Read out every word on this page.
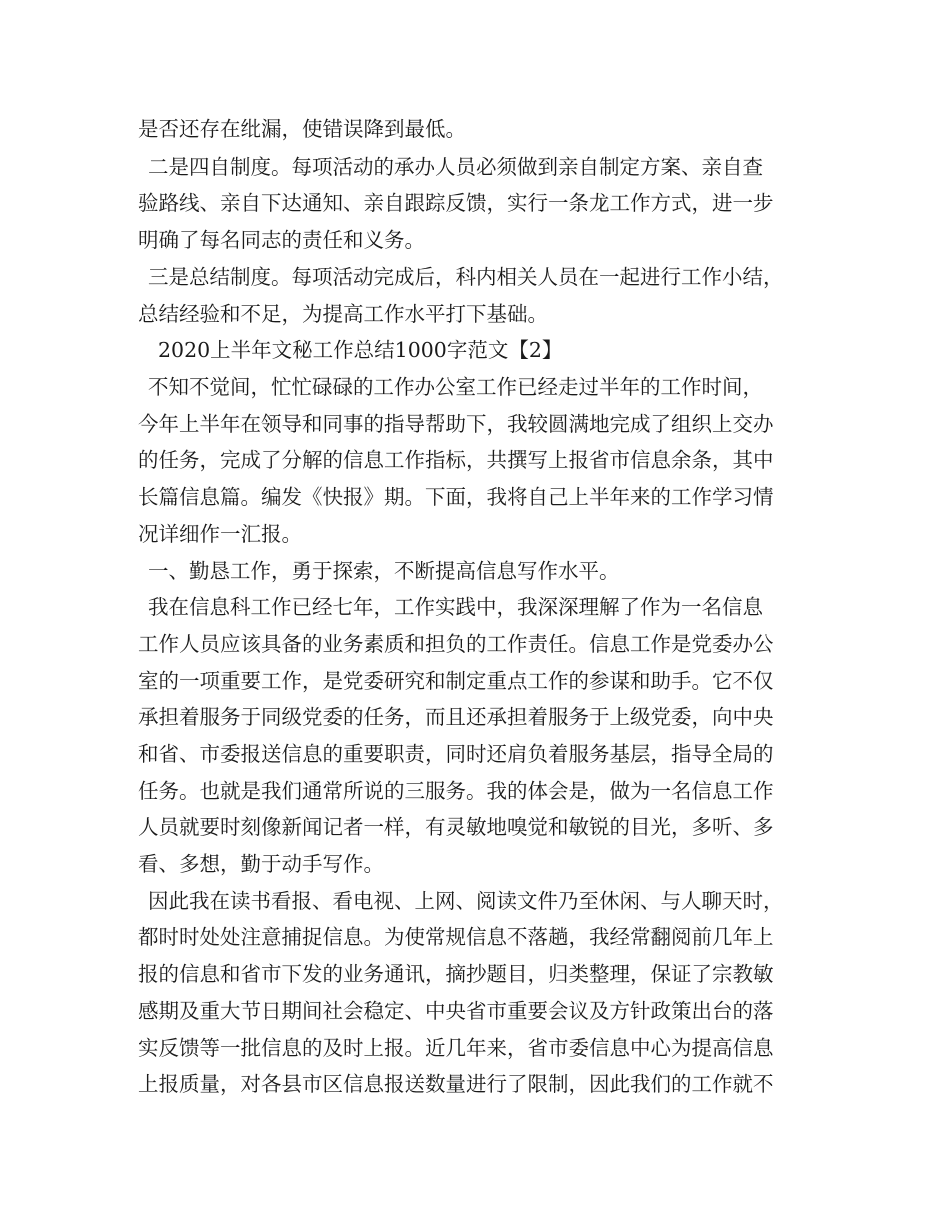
是否还存在纰漏，使错误降到最低。
二是四自制度。每项活动的承办人员必须做到亲自制定方案、亲自查
验路线、亲自下达通知、亲自跟踪反馈，实行一条龙工作方式，进一步
明确了每名同志的责任和义务。
三是总结制度。每项活动完成后，科内相关人员在一起进行工作小结，
总结经验和不足，为提高工作水平打下基础。
2020上半年文秘工作总结1000字范文【2】
不知不觉间，忙忙碌碌的工作办公室工作已经走过半年的工作时间，
今年上半年在领导和同事的指导帮助下，我较圆满地完成了组织上交办
的任务，完成了分解的信息工作指标，共撰写上报省市信息余条，其中
长篇信息篇。编发《快报》期。下面，我将自己上半年来的工作学习情
况详细作一汇报。
一、勤恳工作，勇于探索，不断提高信息写作水平。
我在信息科工作已经七年，工作实践中，我深深理解了作为一名信息
工作人员应该具备的业务素质和担负的工作责任。信息工作是党委办公
室的一项重要工作，是党委研究和制定重点工作的参谋和助手。它不仅
承担着服务于同级党委的任务，而且还承担着服务于上级党委，向中央
和省、市委报送信息的重要职责，同时还肩负着服务基层，指导全局的
任务。也就是我们通常所说的三服务。我的体会是，做为一名信息工作
人员就要时刻像新闻记者一样，有灵敏地嗅觉和敏锐的目光，多听、多
看、多想，勤于动手写作。
因此我在读书看报、看电视、上网、阅读文件乃至休闲、与人聊天时，
都时时处处注意捕捉信息。为使常规信息不落趟，我经常翻阅前几年上
报的信息和省市下发的业务通讯，摘抄题目，归类整理，保证了宗教敏
感期及重大节日期间社会稳定、中央省市重要会议及方针政策出台的落
实反馈等一批信息的及时上报。近几年来，省市委信息中心为提高信息
上报质量，对各县市区信息报送数量进行了限制，因此我们的工作就不
